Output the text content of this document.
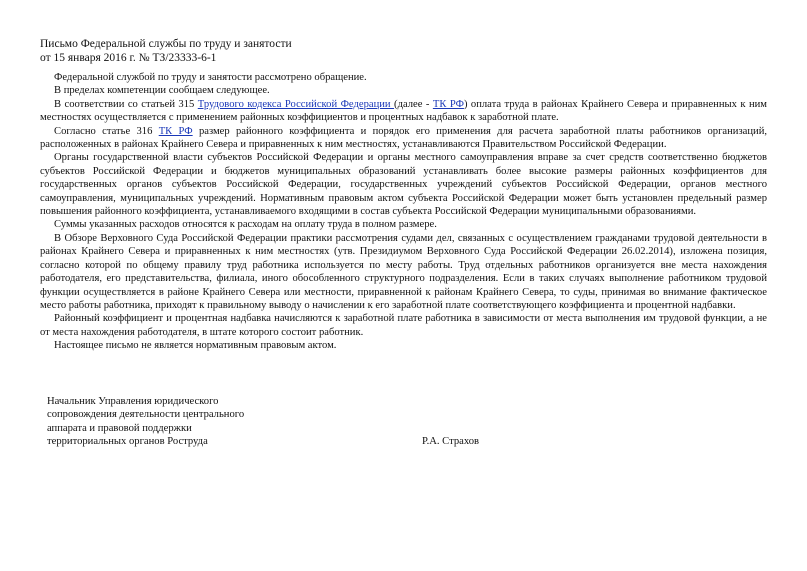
Письмо Федеральной службы по труду и занятости
от 15 января 2016 г. № ТЗ/23333-6-1

Федеральной службой по труду и занятости рассмотрено обращение.

В пределах компетенции сообщаем следующее.

В соответствии со статьей 315 Трудового кодекса Российской Федерации (далее - ТК РФ) оплата труда в районах Крайнего Севера и приравненных к ним местностях осуществляется с применением районных коэффициентов и процентных надбавок к заработной плате.

Согласно статье 316 ТК РФ размер районного коэффициента и порядок его применения для расчета заработной платы работников организаций, расположенных в районах Крайнего Севера и приравненных к ним местностях, устанавливаются Правительством Российской Федерации.

Органы государственной власти субъектов Российской Федерации и органы местного самоуправления вправе за счет средств соответственно бюджетов субъектов Российской Федерации и бюджетов муниципальных образований устанавливать более высокие размеры районных коэффициентов для государственных органов субъектов Российской Федерации, государственных учреждений субъектов Российской Федерации, органов местного самоуправления, муниципальных учреждений. Нормативным правовым актом субъекта Российской Федерации может быть установлен предельный размер повышения районного коэффициента, устанавливаемого входящими в состав субъекта Российской Федерации муниципальными образованиями.

Суммы указанных расходов относятся к расходам на оплату труда в полном размере.

В Обзоре Верховного Суда Российской Федерации практики рассмотрения судами дел, связанных с осуществлением гражданами трудовой деятельности в районах Крайнего Севера и приравненных к ним местностях (утв. Президиумом Верховного Суда Российской Федерации 26.02.2014), изложена позиция, согласно которой по общему правилу труд работника используется по месту работы. Труд отдельных работников организуется вне места нахождения работодателя, его представительства, филиала, иного обособленного структурного подразделения. Если в таких случаях выполнение работником трудовой функции осуществляется в районе Крайнего Севера или местности, приравненной к районам Крайнего Севера, то суды, принимая во внимание фактическое место работы работника, приходят к правильному выводу о начислении к его заработной плате соответствующего коэффициента и процентной надбавки.

Районный коэффициент и процентная надбавка начисляются к заработной плате работника в зависимости от места выполнения им трудовой функции, а не от места нахождения работодателя, в штате которого состоит работник.

Настоящее письмо не является нормативным правовым актом.

Начальник Управления юридического
сопровождения деятельности центрального
аппарата и правовой поддержки
территориальных органов Роструда	Р.А. Страхов
